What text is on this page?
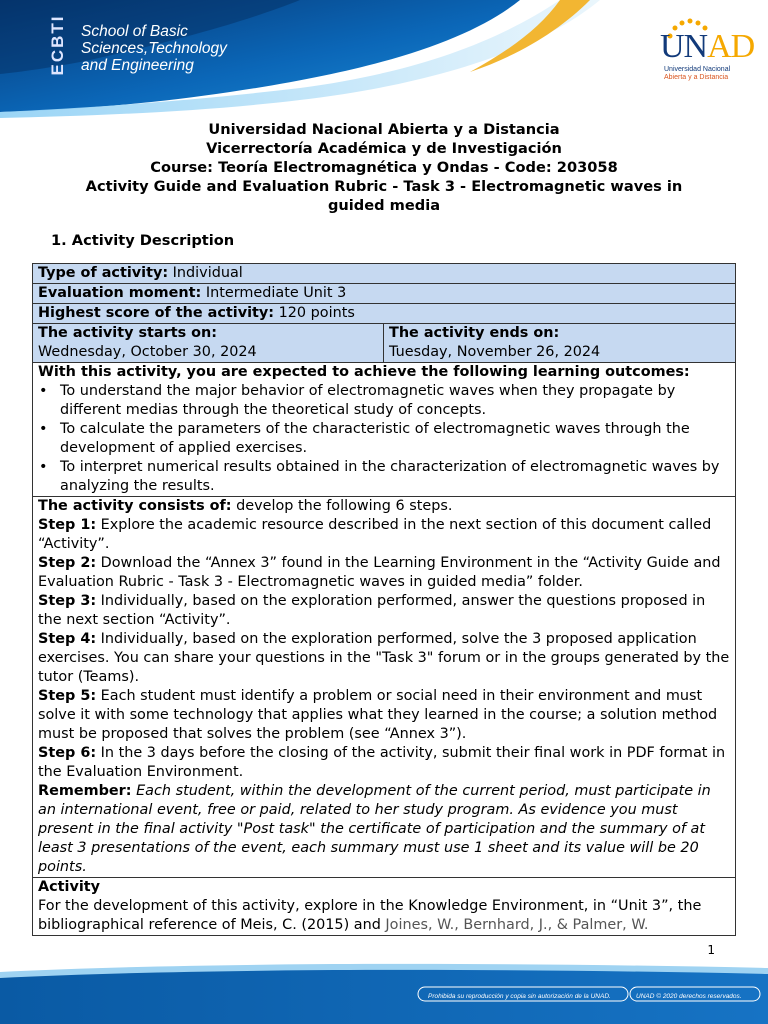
ECBTI School of Basic
Sciences,Technology
and Engineering
UNAD
Universidad Nacional
Abierta y a Distancia
Universidad Nacional Abierta y a Distancia
Vicerrectoría Académica y de Investigación
Course: Teoría Electromagnética y Ondas - Code: 203058
Activity Guide and Evaluation Rubric - Task 3 - Electromagnetic waves in
guided media
1. Activity Description
Type of activity: Individual
Evaluation moment: Intermediate Unit 3
Highest score of the activity: 120 points
The activity starts on:
Wednesday, October 30, 2024
The activity ends on:
Tuesday, November 26, 2024
With this activity, you are expected to achieve the following learning outcomes:
• To understand the major behavior of electromagnetic waves when they propagate by different medias through the theoretical study of concepts.
• To calculate the parameters of the characteristic of electromagnetic waves through the development of applied exercises.
• To interpret numerical results obtained in the characterization of electromagnetic waves by analyzing the results.
The activity consists of: develop the following 6 steps.
Step 1: Explore the academic resource described in the next section of this document called “Activity”.
Step 2: Download the “Annex 3” found in the Learning Environment in the “Activity Guide and Evaluation Rubric - Task 3 - Electromagnetic waves in guided media” folder.
Step 3: Individually, based on the exploration performed, answer the questions proposed in the next section “Activity”.
Step 4: Individually, based on the exploration performed, solve the 3 proposed application exercises. You can share your questions in the "Task 3" forum or in the groups generated by the tutor (Teams).
Step 5: Each student must identify a problem or social need in their environment and must solve it with some technology that applies what they learned in the course; a solution method must be proposed that solves the problem (see “Annex 3”).
Step 6: In the 3 days before the closing of the activity, submit their final work in PDF format in the Evaluation Environment.
Remember: Each student, within the development of the current period, must participate in an international event, free or paid, related to her study program. As evidence you must present in the final activity "Post task" the certificate of participation and the summary of at least 3 presentations of the event, each summary must use 1 sheet and its value will be 20 points.
Activity
For the development of this activity, explore in the Knowledge Environment, in “Unit 3”, the bibliographical reference of Meis, C. (2015) and Joines, W., Bernhard, J., & Palmer, W.
1
Prohibida su reproducción y copia sin autorización de la UNAD.	UNAD © 2020 derechos reservados.
